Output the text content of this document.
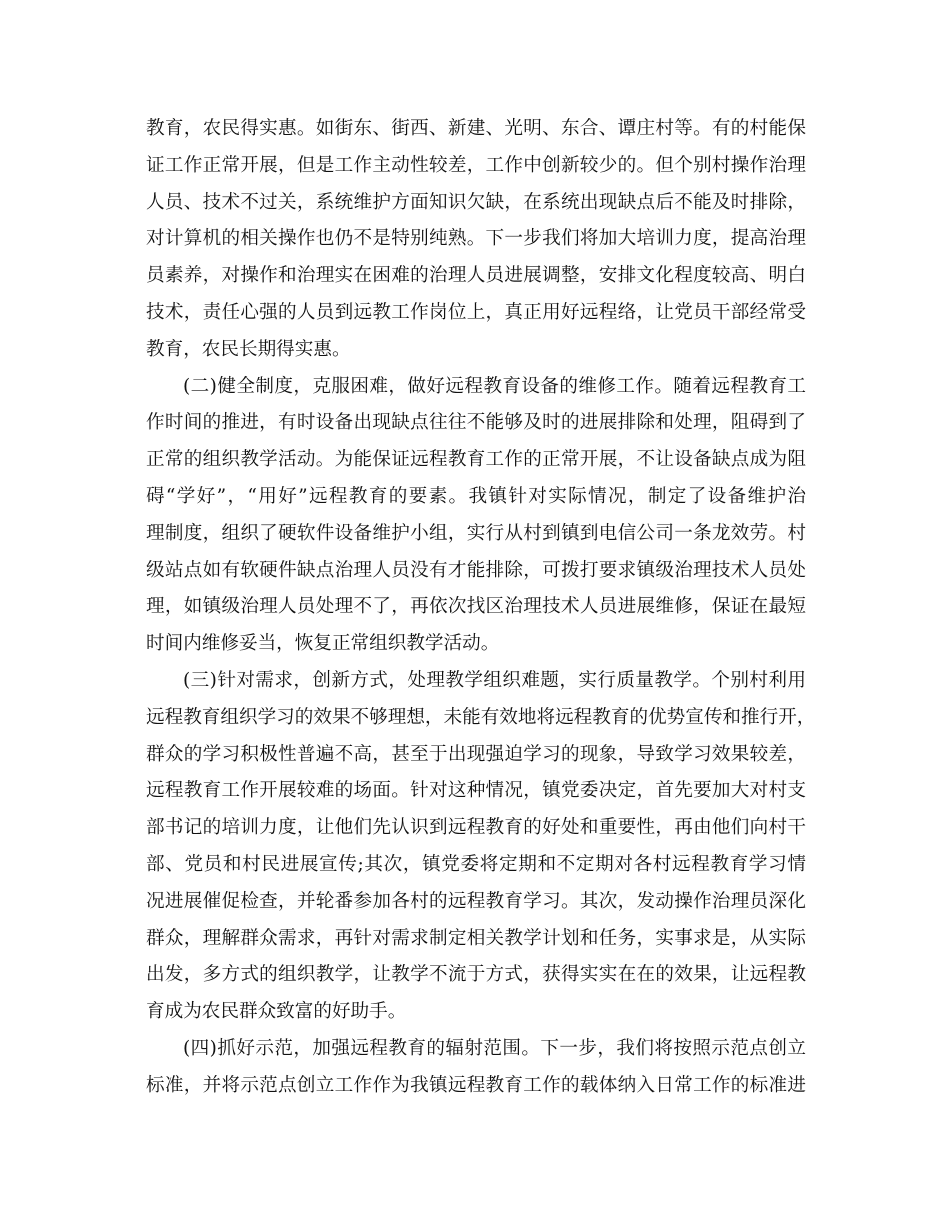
教育，农民得实惠。如街东、街西、新建、光明、东合、谭庄村等。有的村能保
证工作正常开展，但是工作主动性较差，工作中创新较少的。但个别村操作治理
人员、技术不过关，系统维护方面知识欠缺，在系统出现缺点后不能及时排除，
对计算机的相关操作也仍不是特别纯熟。下一步我们将加大培训力度，提高治理
员素养，对操作和治理实在困难的治理人员进展调整，安排文化程度较高、明白
技术，责任心强的人员到远教工作岗位上，真正用好远程络，让党员干部经常受
教育，农民长期得实惠。
(二)健全制度，克服困难，做好远程教育设备的维修工作。随着远程教育工
作时间的推进，有时设备出现缺点往往不能够及时的进展排除和处理，阻碍到了
正常的组织教学活动。为能保证远程教育工作的正常开展，不让设备缺点成为阻
碍“学好”，“用好”远程教育的要素。我镇针对实际情况，制定了设备维护治
理制度，组织了硬软件设备维护小组，实行从村到镇到电信公司一条龙效劳。村
级站点如有软硬件缺点治理人员没有才能排除，可拨打要求镇级治理技术人员处
理，如镇级治理人员处理不了，再依次找区治理技术人员进展维修，保证在最短
时间内维修妥当，恢复正常组织教学活动。
(三)针对需求，创新方式，处理教学组织难题，实行质量教学。个别村利用
远程教育组织学习的效果不够理想，未能有效地将远程教育的优势宣传和推行开，
群众的学习积极性普遍不高，甚至于出现强迫学习的现象，导致学习效果较差，
远程教育工作开展较难的场面。针对这种情况，镇党委决定，首先要加大对村支
部书记的培训力度，让他们先认识到远程教育的好处和重要性，再由他们向村干
部、党员和村民进展宣传;其次，镇党委将定期和不定期对各村远程教育学习情
况进展催促检查，并轮番参加各村的远程教育学习。其次，发动操作治理员深化
群众，理解群众需求，再针对需求制定相关教学计划和任务，实事求是，从实际
出发，多方式的组织教学，让教学不流于方式，获得实实在在的效果，让远程教
育成为农民群众致富的好助手。
(四)抓好示范，加强远程教育的辐射范围。下一步，我们将按照示范点创立
标准，并将示范点创立工作作为我镇远程教育工作的载体纳入日常工作的标准进
